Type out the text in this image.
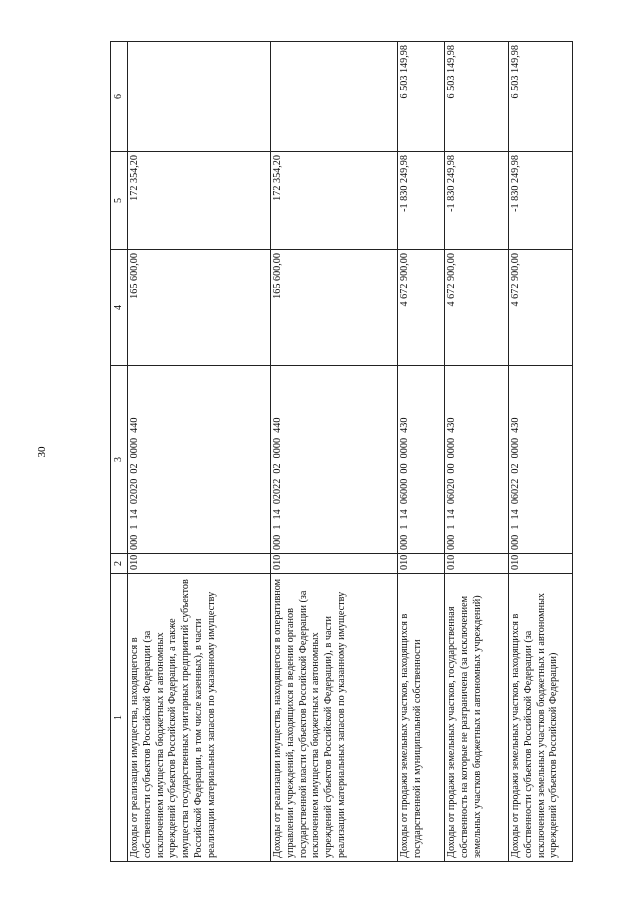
30
1	2	3	4	5	6
Доходы от реализации имущества, находящегося в собственности субъектов Российской Федерации (за исключением имущества бюджетных и автономных учреждений субъектов Российской Федерации, а также имущества государственных унитарных предприятий субъектов Российской Федерации, в том числе казенных), в части реализации материальных запасов по указанному имуществу	010	000  1  14  02020  02  0000  440	165 600,00	172 354,20	
Доходы от реализации имущества, находящегося в оперативном управлении учреждений, находящихся в ведении органов государственной власти субъектов Российской Федерации (за исключением имущества бюджетных и автономных учреждений субъектов Российской Федерации), в части реализации материальных запасов по указанному имуществу	010	000  1  14  02022  02  0000  440	165 600,00	172 354,20	
Доходы от продажи земельных участков, находящихся в государственной и муниципальной собственности	010	000  1  14  06000  00  0000  430	4 672 900,00	-1 830 249,98	6 503 149,98
Доходы от продажи земельных участков, государственная собственность на которые не разграничена (за исключением земельных участков бюджетных и автономных учреждений)	010	000  1  14  06020  00  0000  430	4 672 900,00	-1 830 249,98	6 503 149,98
Доходы от продажи земельных участков, находящихся в собственности субъектов Российской Федерации (за исключением земельных участков бюджетных и автономных учреждений субъектов Российской Федерации)	010	000  1  14  06022  02  0000  430	4 672 900,00	-1 830 249,98	6 503 149,98
